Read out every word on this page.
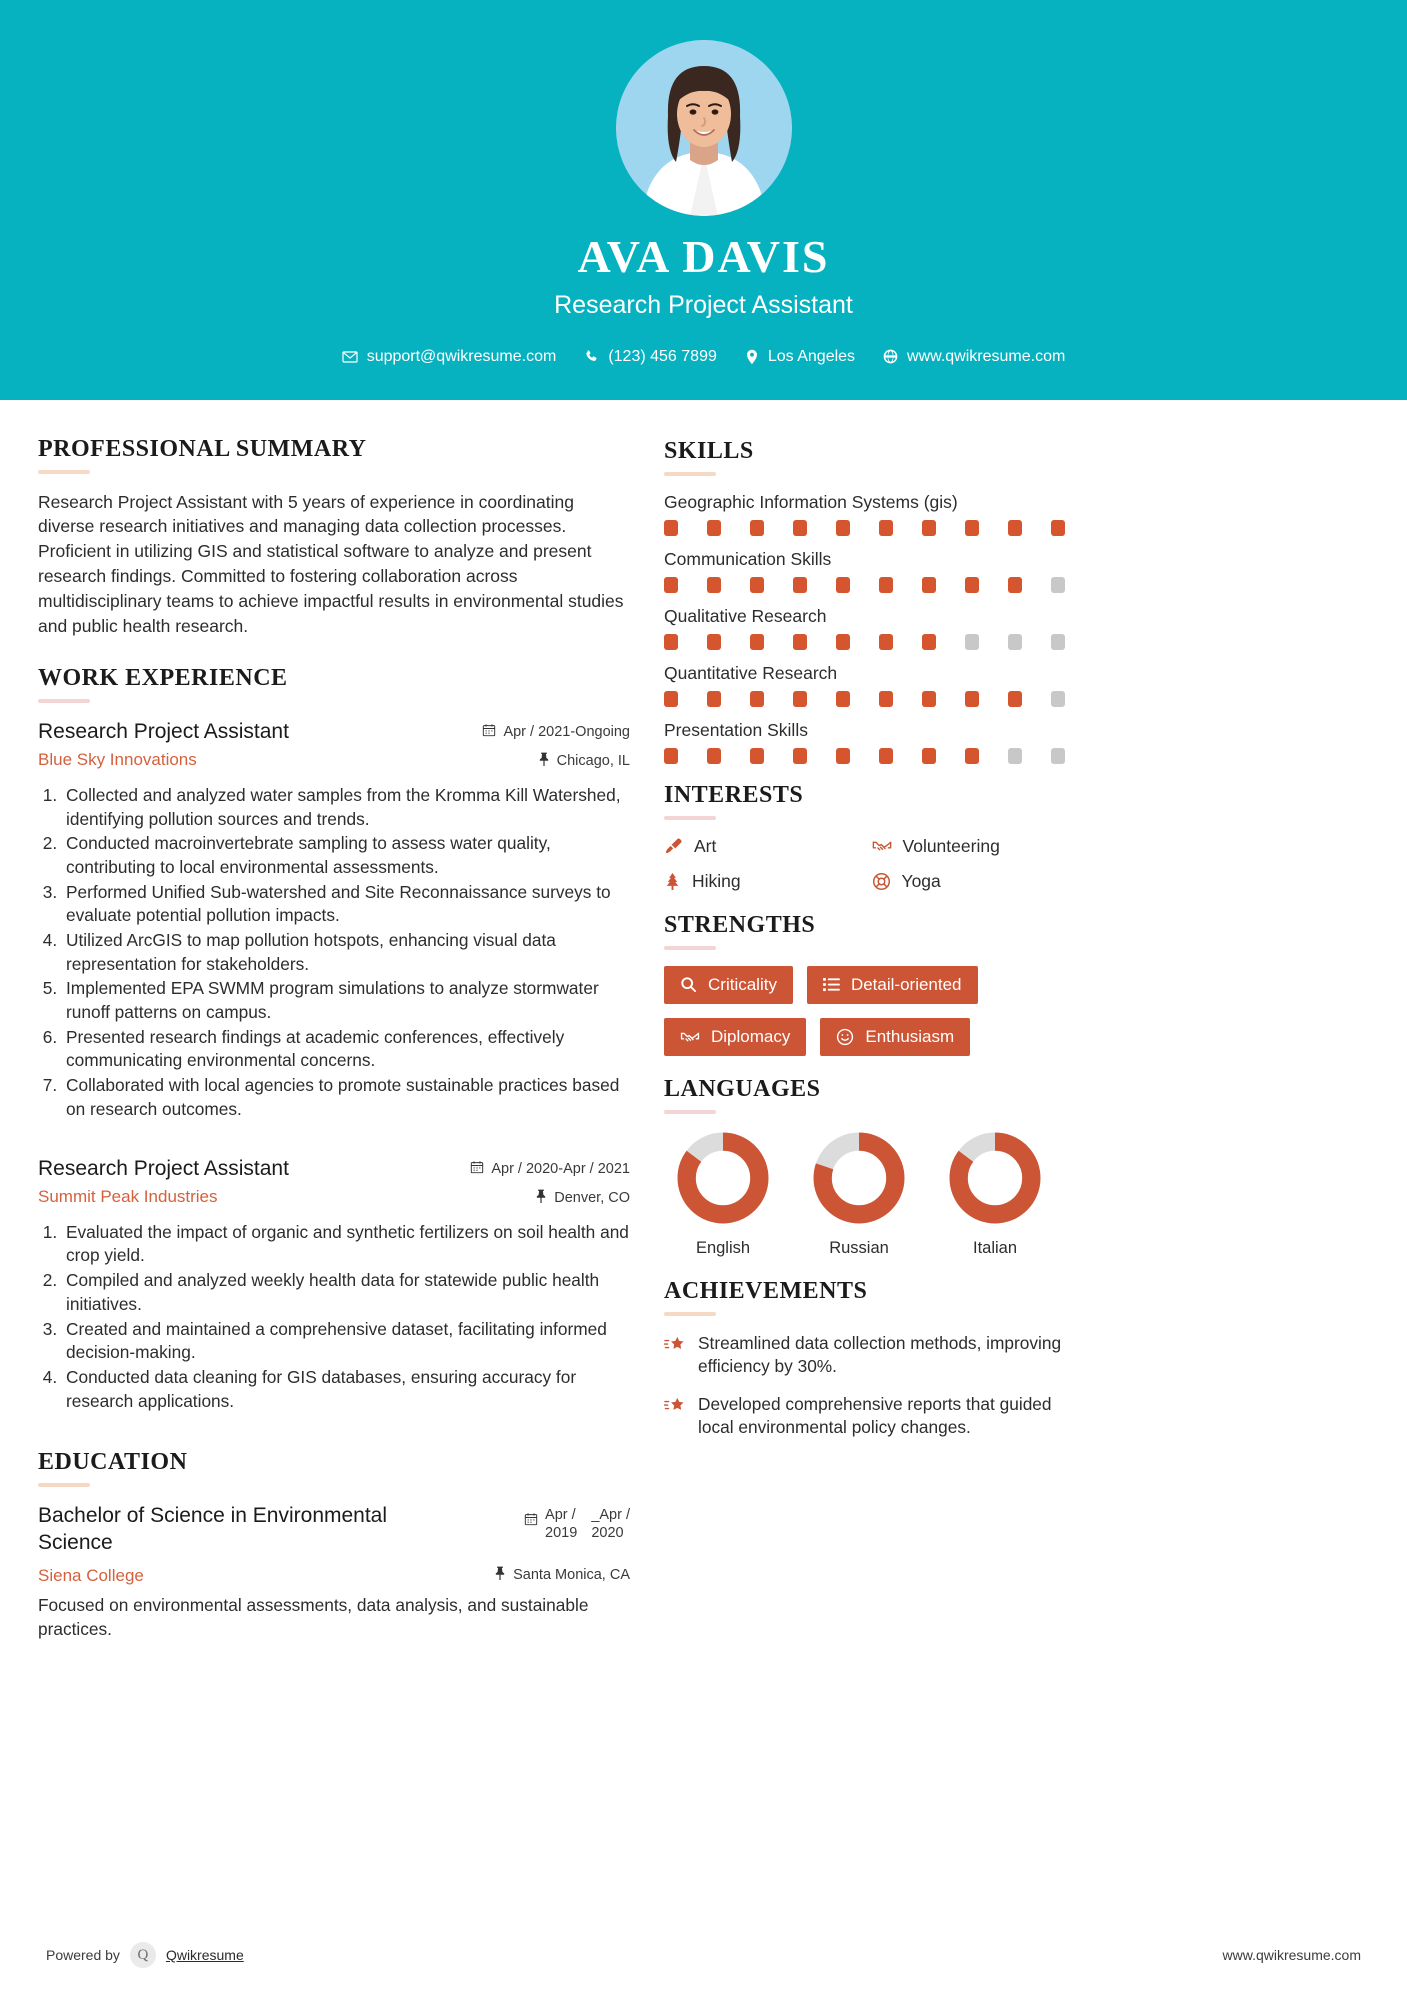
AVA DAVIS
Research Project Assistant
support@qwikresume.com	(123) 456 7899	Los Angeles	www.qwikresume.com
PROFESSIONAL SUMMARY
Research Project Assistant with 5 years of experience in coordinating diverse research initiatives and managing data collection processes. Proficient in utilizing GIS and statistical software to analyze and present research findings. Committed to fostering collaboration across multidisciplinary teams to achieve impactful results in environmental studies and public health research.
WORK EXPERIENCE
Research Project Assistant
Blue Sky Innovations
Apr / 2021-Ongoing
Chicago, IL
1. Collected and analyzed water samples from the Kromma Kill Watershed, identifying pollution sources and trends.
2. Conducted macroinvertebrate sampling to assess water quality, contributing to local environmental assessments.
3. Performed Unified Sub-watershed and Site Reconnaissance surveys to evaluate potential pollution impacts.
4. Utilized ArcGIS to map pollution hotspots, enhancing visual data representation for stakeholders.
5. Implemented EPA SWMM program simulations to analyze stormwater runoff patterns on campus.
6. Presented research findings at academic conferences, effectively communicating environmental concerns.
7. Collaborated with local agencies to promote sustainable practices based on research outcomes.
Research Project Assistant
Summit Peak Industries
Apr / 2020-Apr / 2021
Denver, CO
1. Evaluated the impact of organic and synthetic fertilizers on soil health and crop yield.
2. Compiled and analyzed weekly health data for statewide public health initiatives.
3. Created and maintained a comprehensive dataset, facilitating informed decision-making.
4. Conducted data cleaning for GIS databases, ensuring accuracy for research applications.
EDUCATION
Bachelor of Science in Environmental Science
Siena College
Apr /
2019
_Apr /
2020
Santa Monica, CA
Focused on environmental assessments, data analysis, and sustainable practices.
SKILLS
Geographic Information Systems (gis)
Communication Skills
Qualitative Research
Quantitative Research
Presentation Skills
INTERESTS
Art	Volunteering
Hiking	Yoga
STRENGTHS
Criticality	Detail-oriented
Diplomacy	Enthusiasm
LANGUAGES
English	Russian	Italian
ACHIEVEMENTS
Streamlined data collection methods, improving efficiency by 30%.
Developed comprehensive reports that guided local environmental policy changes.
Powered by	Q	Qwikresume	www.qwikresume.com
